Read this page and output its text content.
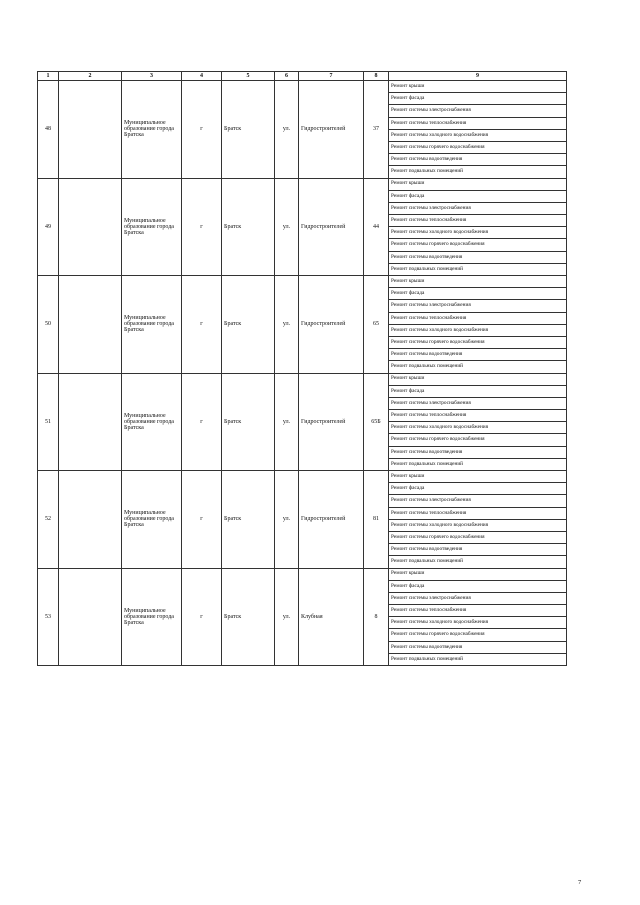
1	2	3	4	5	6	7	8	9
48		Муниципальное образование города Братска	г	Братск	ул.	Гидростроителей	37	Ремонт крыши
								Ремонт фасада
								Ремонт системы электроснабжения
								Ремонт системы теплоснабжения
								Ремонт системы холодного водоснабжения
								Ремонт системы горячего водоснабжения
								Ремонт системы водоотведения
								Ремонт подвальных помещений
49		Муниципальное образование города Братска	г	Братск	ул.	Гидростроителей	44	Ремонт крыши
								Ремонт фасада
								Ремонт системы электроснабжения
								Ремонт системы теплоснабжения
								Ремонт системы холодного водоснабжения
								Ремонт системы горячего водоснабжения
								Ремонт системы водоотведения
								Ремонт подвальных помещений
50		Муниципальное образование города Братска	г	Братск	ул.	Гидростроителей	65	Ремонт крыши
								Ремонт фасада
								Ремонт системы электроснабжения
								Ремонт системы теплоснабжения
								Ремонт системы холодного водоснабжения
								Ремонт системы горячего водоснабжения
								Ремонт системы водоотведения
								Ремонт подвальных помещений
51		Муниципальное образование города Братска	г	Братск	ул.	Гидростроителей	65Б	Ремонт крыши
								Ремонт фасада
								Ремонт системы электроснабжения
								Ремонт системы теплоснабжения
								Ремонт системы холодного водоснабжения
								Ремонт системы горячего водоснабжения
								Ремонт системы водоотведения
								Ремонт подвальных помещений
52		Муниципальное образование города Братска	г	Братск	ул.	Гидростроителей	81	Ремонт крыши
								Ремонт фасада
								Ремонт системы электроснабжения
								Ремонт системы теплоснабжения
								Ремонт системы холодного водоснабжения
								Ремонт системы горячего водоснабжения
								Ремонт системы водоотведения
								Ремонт подвальных помещений
53		Муниципальное образование города Братска	г	Братск	ул.	Клубная	8	Ремонт крыши
								Ремонт фасада
								Ремонт системы электроснабжения
								Ремонт системы теплоснабжения
								Ремонт системы холодного водоснабжения
								Ремонт системы горячего водоснабжения
								Ремонт системы водоотведения
								Ремонт подвальных помещений
7
